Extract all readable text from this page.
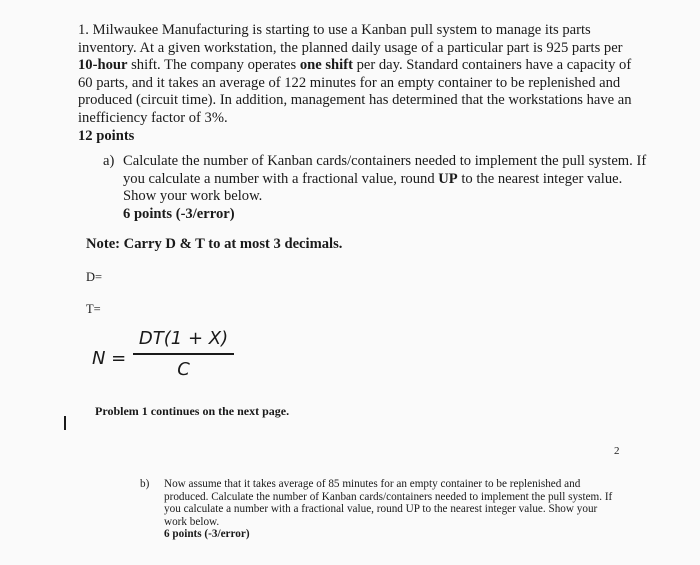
1. Milwaukee Manufacturing is starting to use a Kanban pull system to manage its parts inventory. At a given workstation, the planned daily usage of a particular part is 925 parts per 10-hour shift. The company operates one shift per day. Standard containers have a capacity of 60 parts, and it takes an average of 122 minutes for an empty container to be replenished and produced (circuit time). In addition, management has determined that the workstations have an inefficiency factor of 3%.
12 points
a) Calculate the number of Kanban cards/containers needed to implement the pull system. If you calculate a number with a fractional value, round UP to the nearest integer value. Show your work below.
6 points (-3/error)
Note: Carry D & T to at most 3 decimals.
D=
T=
N =
DT(1 + X)
C
Problem 1 continues on the next page.
2
b) Now assume that it takes average of 85 minutes for an empty container to be replenished and produced. Calculate the number of Kanban cards/containers needed to implement the pull system. If you calculate a number with a fractional value, round UP to the nearest integer value. Show your work below.
6 points (-3/error)
